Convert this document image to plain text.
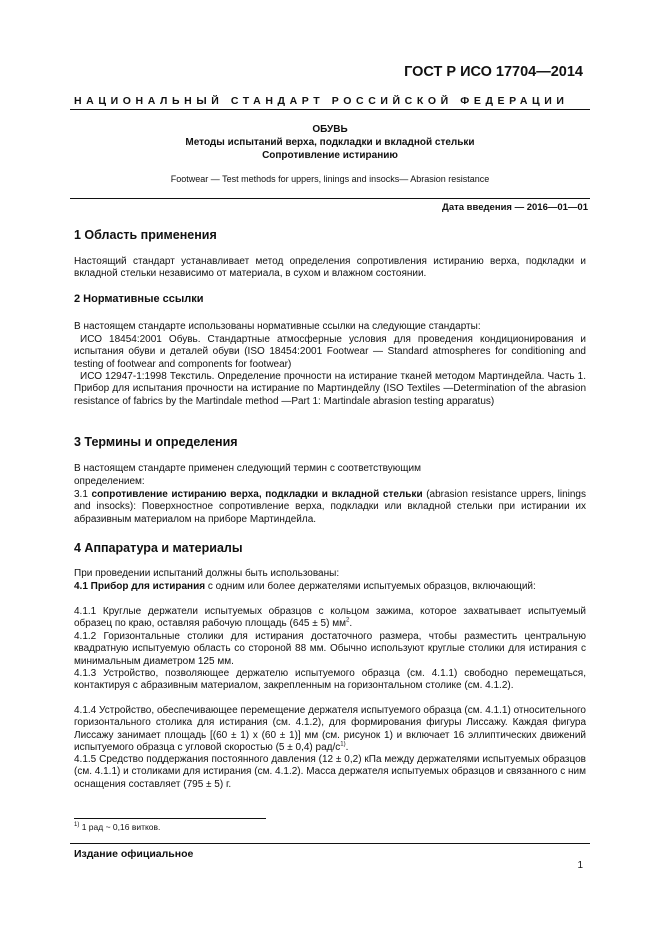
ГОСТ Р ИСО 17704—2014
НАЦИОНАЛЬНЫЙ СТАНДАРТ РОССИЙСКОЙ ФЕДЕРАЦИИ
ОБУВЬ
Методы испытаний верха, подкладки и вкладной стельки
Сопротивление истиранию
Footwear — Test methods for uppers, linings and insocks— Abrasion resistance
Дата введения — 2016—01—01
1 Область применения
Настоящий стандарт устанавливает метод определения сопротивления истиранию верха, подкладки и вкладной стельки независимо от материала, в сухом и влажном состоянии.
2 Нормативные ссылки
В настоящем стандарте использованы нормативные ссылки на следующие стандарты:
ИСО 18454:2001 Обувь. Стандартные атмосферные условия для проведения кондиционирования и испытания обуви и деталей обуви (ISO 18454:2001 Footwear — Standard atmospheres for conditioning and testing of footwear and components for footwear)
ИСО 12947-1:1998 Текстиль. Определение прочности на истирание тканей методом Мартиндейла. Часть 1. Прибор для испытания прочности на истирание по Мартиндейлу (ISO Textiles —Determination of the abrasion resistance of fabrics by the Martindale method —Part 1: Martindale abrasion testing apparatus)
3 Термины и определения
В настоящем стандарте применен следующий термин с соответствующим
определением:
3.1 сопротивление истиранию верха, подкладки и вкладной стельки (abrasion resistance uppers, linings and insocks): Поверхностное сопротивление верха, подкладки или вкладной стельки при истирании их абразивным материалом на приборе Мартиндейла.
4 Аппаратура и материалы
При проведении испытаний должны быть использованы:
4.1 Прибор для истирания с одним или более держателями испытуемых образцов, включающий:
4.1.1 Круглые держатели испытуемых образцов с кольцом зажима, которое захватывает испытуемый образец по краю, оставляя рабочую площадь (645 ± 5) $мм^2$.
4.1.2 Горизонтальные столики для истирания достаточного размера, чтобы разместить центральную квадратную испытуемую область со стороной 88 мм. Обычно используют круглые столики для истирания с минимальным диаметром 125 мм.
4.1.3 Устройство, позволяющее держателю испытуемого образца (см. 4.1.1) свободно перемещаться, контактируя с абразивным материалом, закрепленным на горизонтальном столике (см. 4.1.2).
4.1.4 Устройство, обеспечивающее перемещение держателя испытуемого образца (см. 4.1.1) относительного горизонтального столика для истирания (см. 4.1.2), для формирования фигуры Лиссажу. Каждая фигура Лиссажу занимает площадь [(60 ± 1) х (60 ± 1)] мм (см. рисунок 1) и включает 16 эллиптических движений испытуемого образца с угловой скоростью (5 ± 0,4) рад/$с^{1)}$.
4.1.5 Средство поддержания постоянного давления (12 ± 0,2) кПа между держателями испытуемых образцов (см. 4.1.1) и столиками для истирания (см. 4.1.2). Масса держателя испытуемых образцов и связанного с ним оснащения составляет (795 ± 5) г.
$^{1)}$ 1 рад ~ 0,16 витков.
Издание официальное
1
